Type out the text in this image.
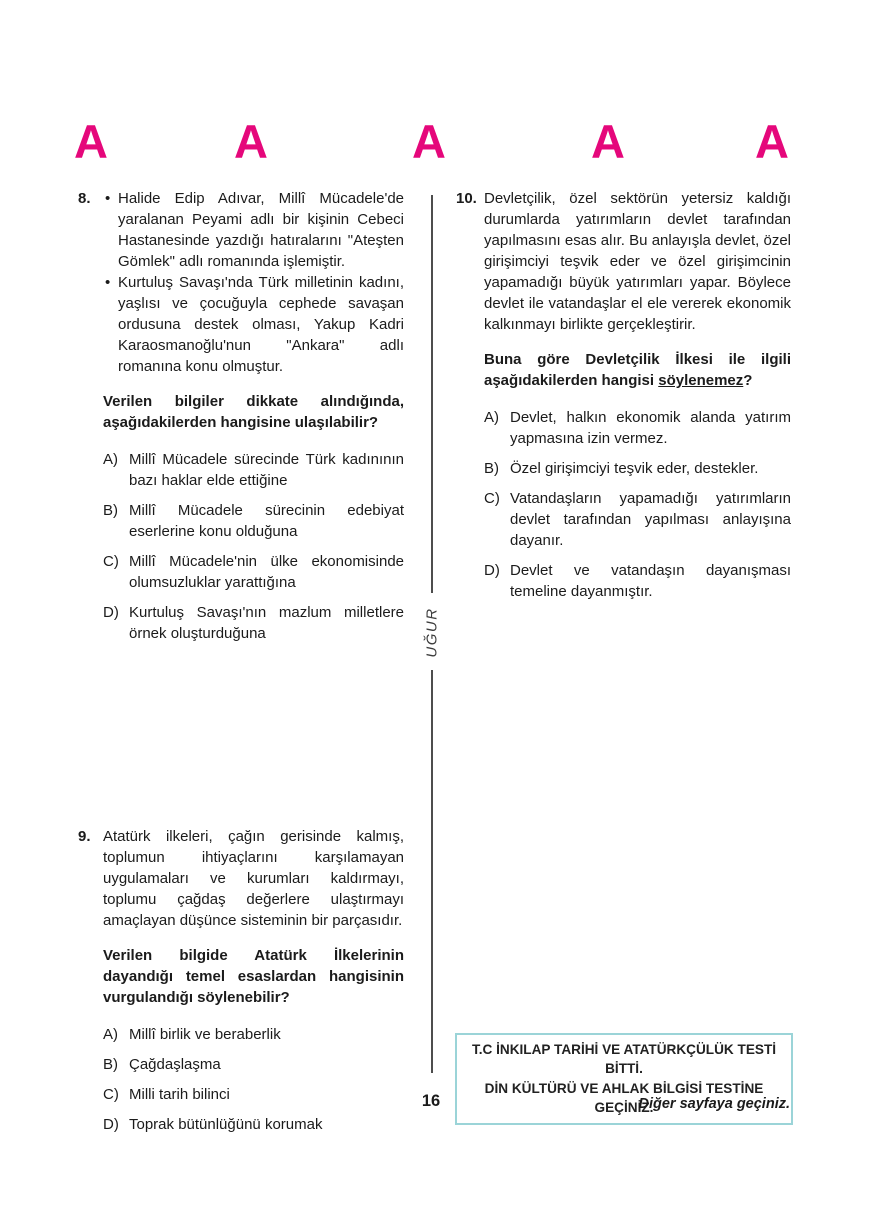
A	A	A	A	A
UĞUR
8. • Halide Edip Adıvar, Millî Mücadele'de yaralanan Peyami adlı bir kişinin Cebeci Hastanesinde yazdığı hatıralarını "Ateşten Gömlek" adlı romanında işlemiştir.
• Kurtuluş Savaşı'nda Türk milletinin kadını, yaşlısı ve çocuğuyla cephede savaşan ordusuna destek olması, Yakup Kadri Karaosmanoğlu'nun "Ankara" adlı romanına konu olmuştur.
Verilen bilgiler dikkate alındığında, aşağıdakilerden hangisine ulaşılabilir?
A) Millî Mücadele sürecinde Türk kadınının bazı haklar elde ettiğine
B) Millî Mücadele sürecinin edebiyat eserlerine konu olduğuna
C) Millî Mücadele'nin ülke ekonomisinde olumsuzluklar yarattığına
D) Kurtuluş Savaşı'nın mazlum milletlere örnek oluşturduğuna
9. Atatürk ilkeleri, çağın gerisinde kalmış, toplumun ihtiyaçlarını karşılamayan uygulamaları ve kurumları kaldırmayı, toplumu çağdaş değerlere ulaştırmayı amaçlayan düşünce sisteminin bir parçasıdır.
Verilen bilgide Atatürk İlkelerinin dayandığı temel esaslardan hangisinin vurgulandığı söylenebilir?
A) Millî birlik ve beraberlik
B) Çağdaşlaşma
C) Milli tarih bilinci
D) Toprak bütünlüğünü korumak
10. Devletçilik, özel sektörün yetersiz kaldığı durumlarda yatırımların devlet tarafından yapılmasını esas alır. Bu anlayışla devlet, özel girişimciyi teşvik eder ve özel girişimcinin yapamadığı büyük yatırımları yapar. Böylece devlet ile vatandaşlar el ele vererek ekonomik kalkınmayı birlikte gerçekleştirir.
Buna göre Devletçilik İlkesi ile ilgili aşağıdakilerden hangisi söylenemez?
A) Devlet, halkın ekonomik alanda yatırım yapmasına izin vermez.
B) Özel girişimciyi teşvik eder, destekler.
C) Vatandaşların yapamadığı yatırımların devlet tarafından yapılması anlayışına dayanır.
D) Devlet ve vatandaşın dayanışması temeline dayanmıştır.
T.C İNKILAP TARİHİ VE ATATÜRKÇÜLÜK TESTİ BİTTİ.
DİN KÜLTÜRÜ VE AHLAK BİLGİSİ TESTİNE GEÇİNİZ.
16	Diğer sayfaya geçiniz.
